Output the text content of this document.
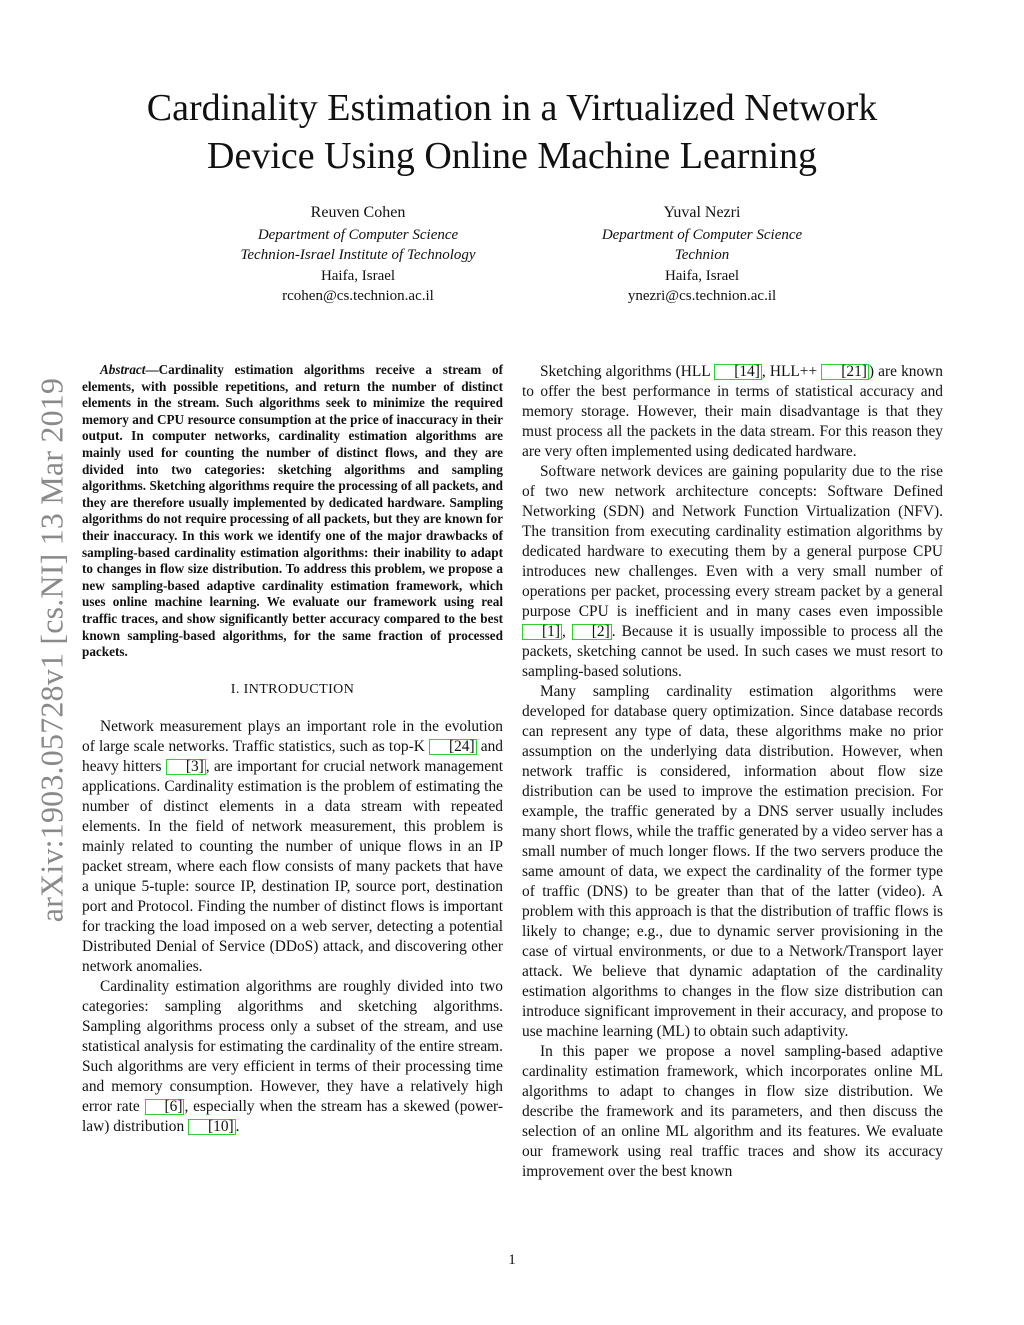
Cardinality Estimation in a Virtualized Network
Device Using Online Machine Learning
Reuven Cohen
Department of Computer Science
Technion-Israel Institute of Technology
Haifa, Israel
rcohen@cs.technion.ac.il
Yuval Nezri
Department of Computer Science
Technion
Haifa, Israel
ynezri@cs.technion.ac.il
arXiv:1903.05728v1 [cs.NI] 13 Mar 2019

Abstract—Cardinality estimation algorithms receive a stream of elements, with possible repetitions, and return the number of distinct elements in the stream. Such algorithms seek to minimize the required memory and CPU resource consumption at the price of inaccuracy in their output. In computer networks, cardinality estimation algorithms are mainly used for counting the number of distinct flows, and they are divided into two categories: sketching algorithms and sampling algorithms. Sketching algorithms require the processing of all packets, and they are therefore usually implemented by dedicated hardware. Sampling algorithms do not require processing of all packets, but they are known for their inaccuracy. In this work we identify one of the major drawbacks of sampling-based cardinality estimation algorithms: their inability to adapt to changes in flow size distribution. To address this problem, we propose a new sampling-based adaptive cardinality estimation framework, which uses online machine learning. We evaluate our framework using real traffic traces, and show significantly better accuracy compared to the best known sampling-based algorithms, for the same fraction of processed packets.

I. INTRODUCTION

Network measurement plays an important role in the evolution of large scale networks. Traffic statistics, such as top-K [24] and heavy hitters [3] , are important for crucial network management applications. Cardinality estimation is the problem of estimating the number of distinct elements in a data stream with repeated elements. In the field of network measurement, this problem is mainly related to counting the number of unique flows in an IP packet stream, where each flow consists of many packets that have a unique 5-tuple: source IP, destination IP, source port, destination port and Protocol. Finding the number of distinct flows is important for tracking the load imposed on a web server, detecting a potential Distributed Denial of Service (DDoS) attack, and discovering other network anomalies.

Cardinality estimation algorithms are roughly divided into two categories: sampling algorithms and sketching algorithms. Sampling algorithms process only a subset of the stream, and use statistical analysis for estimating the cardinality of the entire stream. Such algorithms are very efficient in terms of their processing time and memory consumption. However, they have a relatively high error rate [6] , especially when the stream has a skewed (power-law) distribution [10] .

Sketching algorithms (HLL [14] , HLL++ [21] ) are known to offer the best performance in terms of statistical accuracy and memory storage. However, their main disadvantage is that they must process all the packets in the data stream. For this reason they are very often implemented using dedicated hardware.

Software network devices are gaining popularity due to the rise of two new network architecture concepts: Software Defined Networking (SDN) and Network Function Virtualization (NFV). The transition from executing cardinality estimation algorithms by dedicated hardware to executing them by a general purpose CPU introduces new challenges. Even with a very small number of operations per packet, processing every stream packet by a general purpose CPU is inefficient and in many cases even impossible [1] , [2] . Because it is usually impossible to process all the packets, sketching cannot be used. In such cases we must resort to sampling-based solutions.

Many sampling cardinality estimation algorithms were developed for database query optimization. Since database records can represent any type of data, these algorithms make no prior assumption on the underlying data distribution. However, when network traffic is considered, information about flow size distribution can be used to improve the estimation precision. For example, the traffic generated by a DNS server usually includes many short flows, while the traffic generated by a video server has a small number of much longer flows. If the two servers produce the same amount of data, we expect the cardinality of the former type of traffic (DNS) to be greater than that of the latter (video). A problem with this approach is that the distribution of traffic flows is likely to change; e.g., due to dynamic server provisioning in the case of virtual environments, or due to a Network/Transport layer attack. We believe that dynamic adaptation of the cardinality estimation algorithms to changes in the flow size distribution can introduce significant improvement in their accuracy, and propose to use machine learning (ML) to obtain such adaptivity.

In this paper we propose a novel sampling-based adaptive cardinality estimation framework, which incorporates online ML algorithms to adapt to changes in flow size distribution. We describe the framework and its parameters, and then discuss the selection of an online ML algorithm and its features. We evaluate our framework using real traffic traces and show its accuracy improvement over the best known

1
